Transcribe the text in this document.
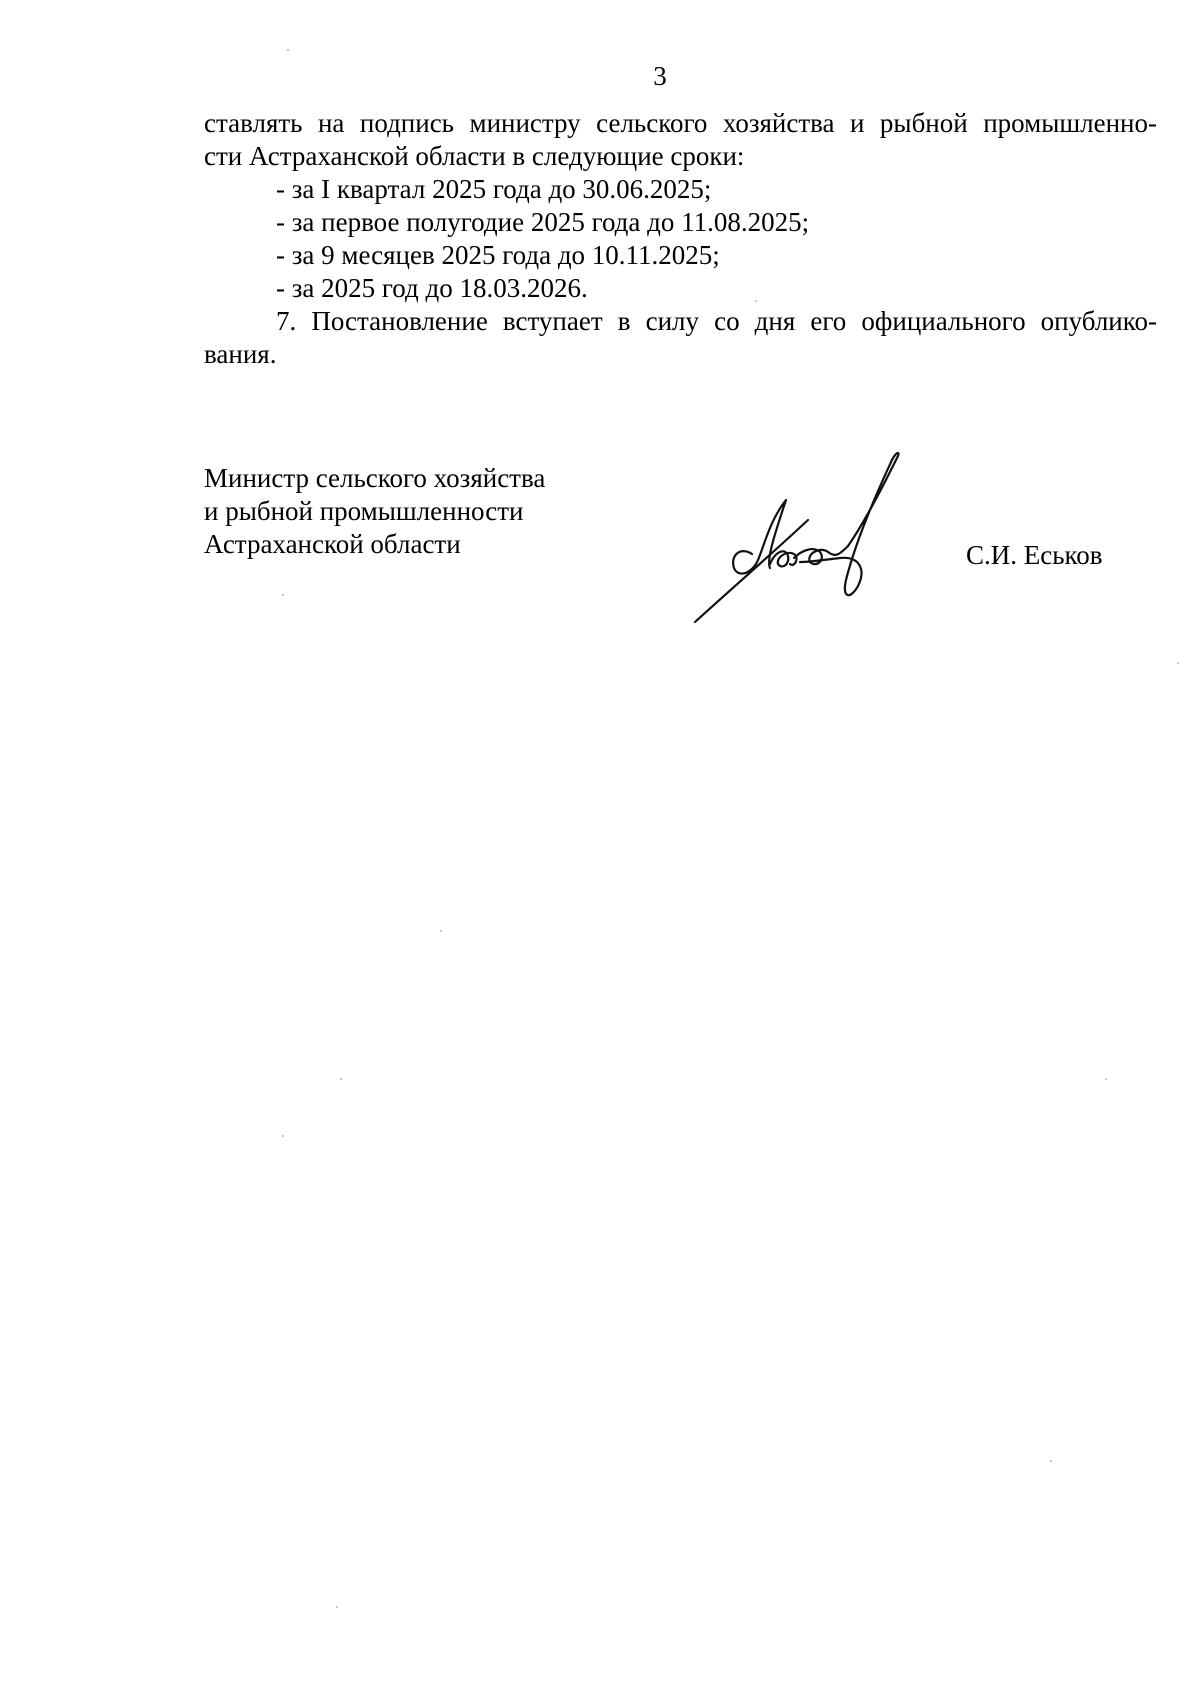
3
ставлять на подпись министру сельского хозяйства и рыбной промышленно-
сти Астраханской области в следующие сроки:
- за I квартал 2025 года до 30.06.2025;
- за первое полугодие 2025 года до 11.08.2025;
- за 9 месяцев 2025 года до 10.11.2025;
- за 2025 год до 18.03.2026.
7. Постановление вступает в силу со дня его официального опублико-
вания.
Министр сельского хозяйства
и рыбной промышленности
Астраханской области	С.И. Еськов
